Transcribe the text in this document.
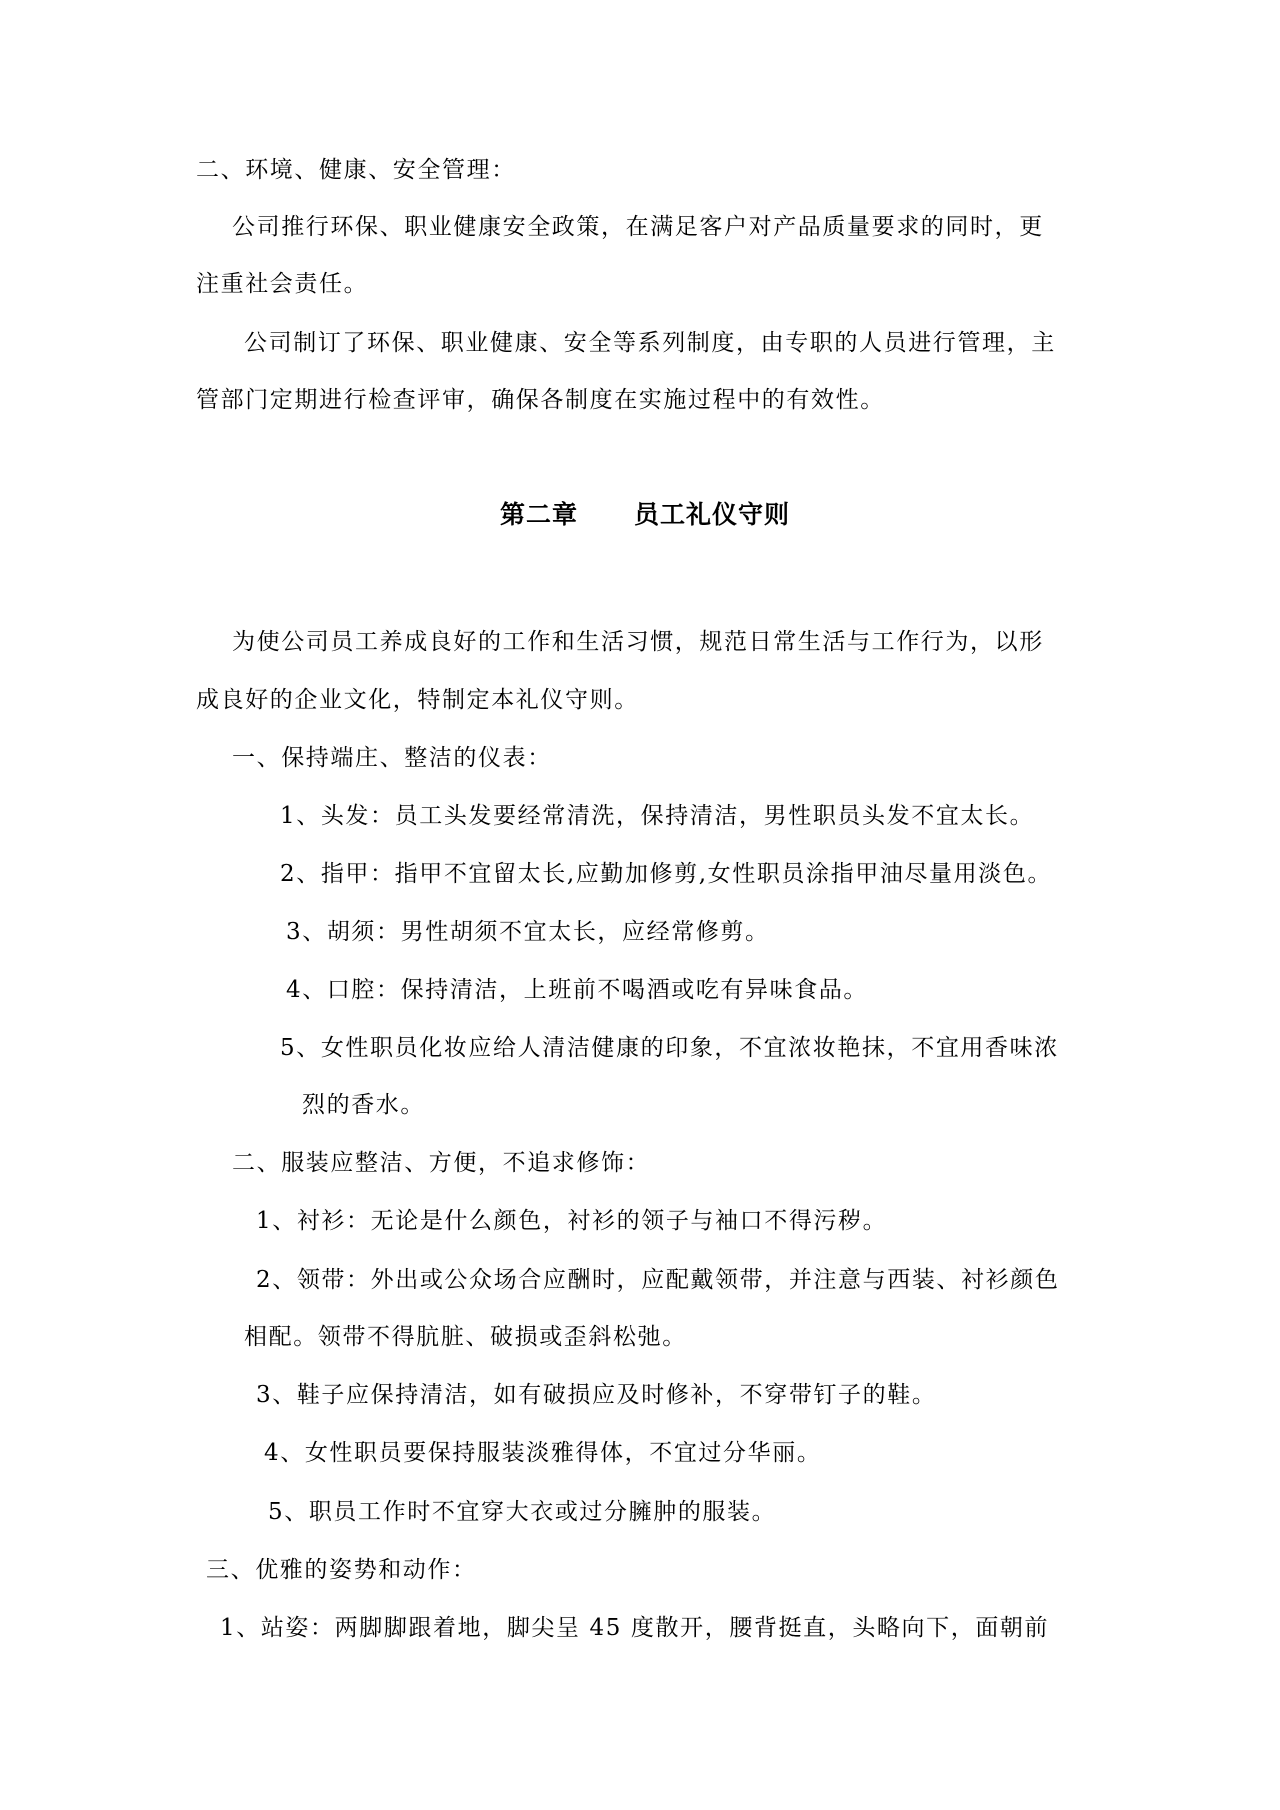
二、环境、健康、安全管理：

公司推行环保、职业健康安全政策，在满足客户对产品质量要求的同时，更

注重社会责任。

公司制订了环保、职业健康、安全等系列制度，由专职的人员进行管理，主

管部门定期进行检查评审，确保各制度在实施过程中的有效性。

第二章 员工礼仪守则

为使公司员工养成良好的工作和生活习惯，规范日常生活与工作行为，以形

成良好的企业文化，特制定本礼仪守则。

一、保持端庄、整洁的仪表：

1、头发：员工头发要经常清洗，保持清洁，男性职员头发不宜太长。

2、指甲：指甲不宜留太长,应勤加修剪,女性职员涂指甲油尽量用淡色。

3、胡须：男性胡须不宜太长，应经常修剪。

4、口腔：保持清洁，上班前不喝酒或吃有异味食品。

5、女性职员化妆应给人清洁健康的印象，不宜浓妆艳抹，不宜用香味浓

烈的香水。

二、服装应整洁、方便，不追求修饰：

1、衬衫：无论是什么颜色，衬衫的领子与袖口不得污秽。

2、领带：外出或公众场合应酬时，应配戴领带，并注意与西装、衬衫颜色

相配。领带不得肮脏、破损或歪斜松弛。

3、鞋子应保持清洁，如有破损应及时修补，不穿带钉子的鞋。

4、女性职员要保持服装淡雅得体，不宜过分华丽。

5、职员工作时不宜穿大衣或过分臃肿的服装。

三、优雅的姿势和动作：

1、站姿：两脚脚跟着地，脚尖呈 45 度散开，腰背挺直，头略向下，面朝前
